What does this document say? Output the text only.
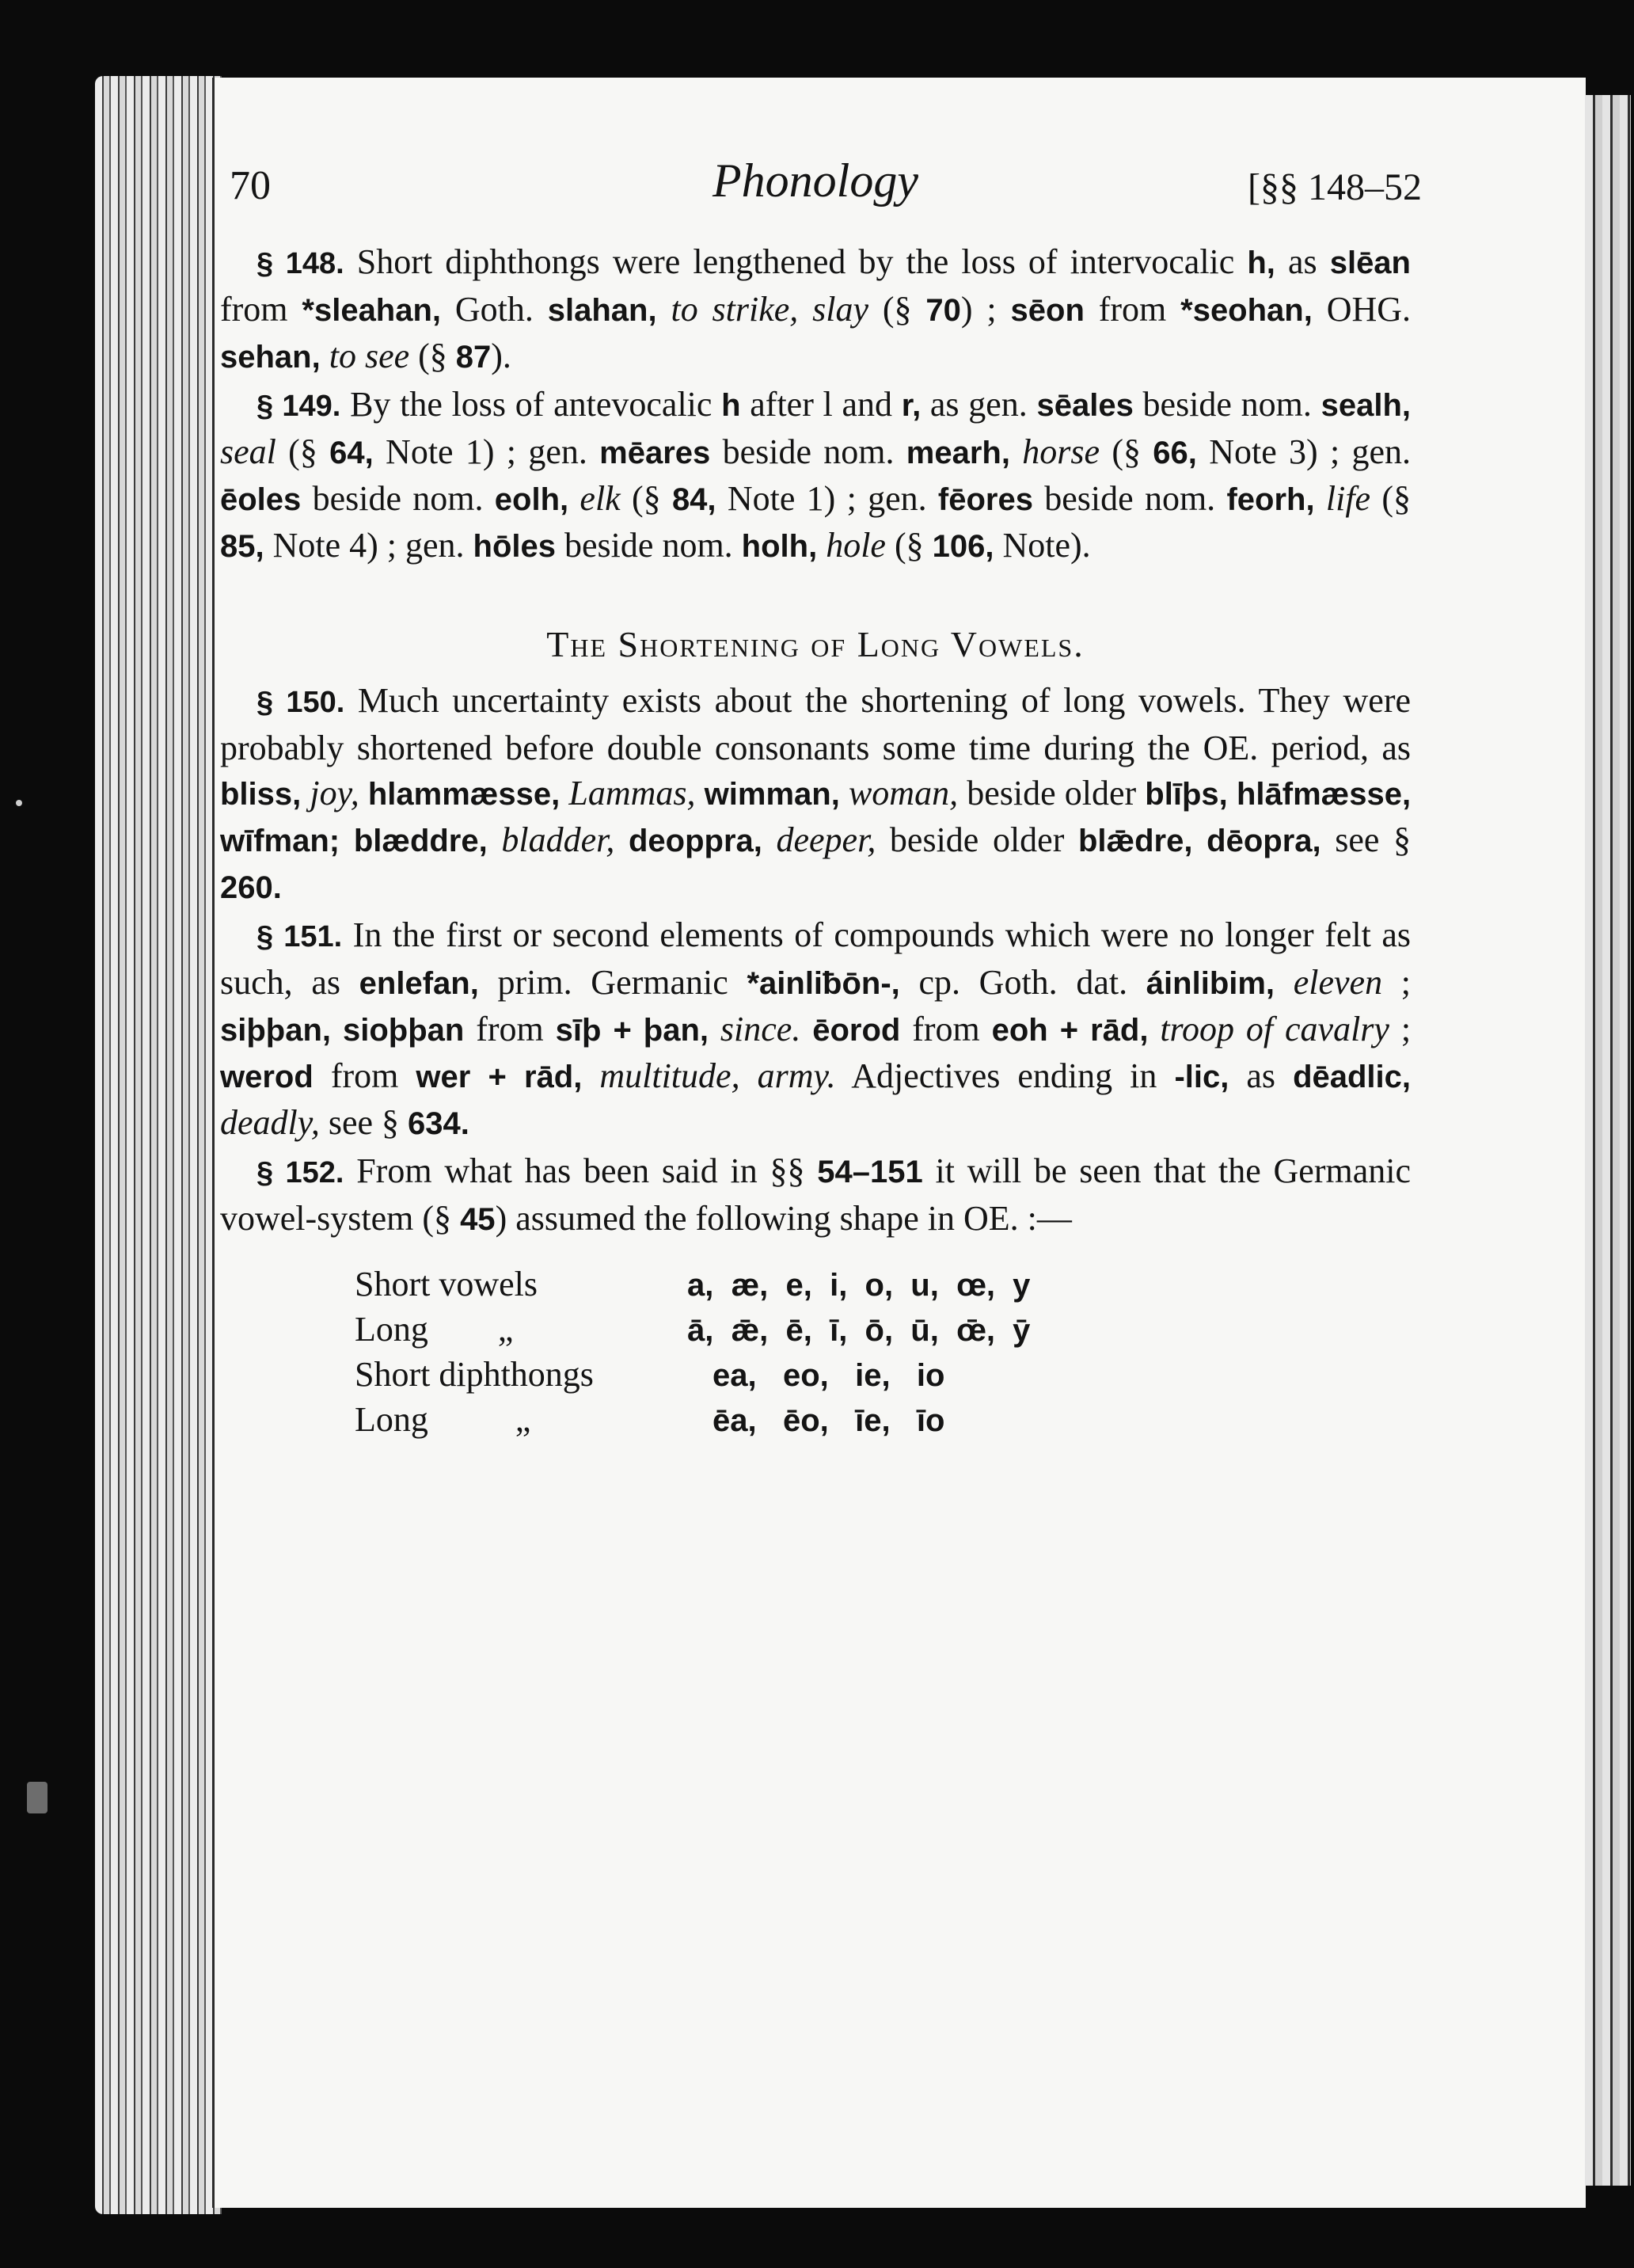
70	Phonology	[§§ 148–52

§ 148. Short diphthongs were lengthened by the loss of intervocalic h, as slēan from *sleahan, Goth. slahan, to strike, slay (§ 70) ; sēon from *seohan, OHG. sehan, to see (§ 87).

§ 149. By the loss of antevocalic h after l and r, as gen. sēales beside nom. sealh, seal (§ 64, Note 1) ; gen. mēares beside nom. mearh, horse (§ 66, Note 3) ; gen. ēoles beside nom. eolh, elk (§ 84, Note 1) ; gen. fēores beside nom. feorh, life (§ 85, Note 4) ; gen. hōles beside nom. holh, hole (§ 106, Note).

The Shortening of Long Vowels.

§ 150. Much uncertainty exists about the shortening of long vowels. They were probably shortened before double consonants some time during the OE. period, as bliss, joy, hlammæsse, Lammas, wimman, woman, beside older blīþs, hlāfmæsse, wīfman; blæddre, bladder, deoppra, deeper, beside older blǣdre, dēopra, see § 260.

§ 151. In the first or second elements of compounds which were no longer felt as such, as enlefan, prim. Germanic *ainliƀōn-, cp. Goth. dat. áinlibim, eleven ; siþþan, sioþþan from sīþ + þan, since. ēorod from eoh + rād, troop of cavalry ; werod from wer + rād, multitude, army. Adjectives ending in -lic, as dēadlic, deadly, see § 634.

§ 152. From what has been said in §§ 54–151 it will be seen that the Germanic vowel-system (§ 45) assumed the following shape in OE. :—

Short vowels	a,  æ,  e,  i,  o,  u,  œ,  y
Long        „	ā,  ǣ,  ē,  ī,  ō,  ū,  œ̄,  ȳ
Short diphthongs	ea,   eo,   ie,   io
Long          „	ēa,   ēo,   īe,   īo
